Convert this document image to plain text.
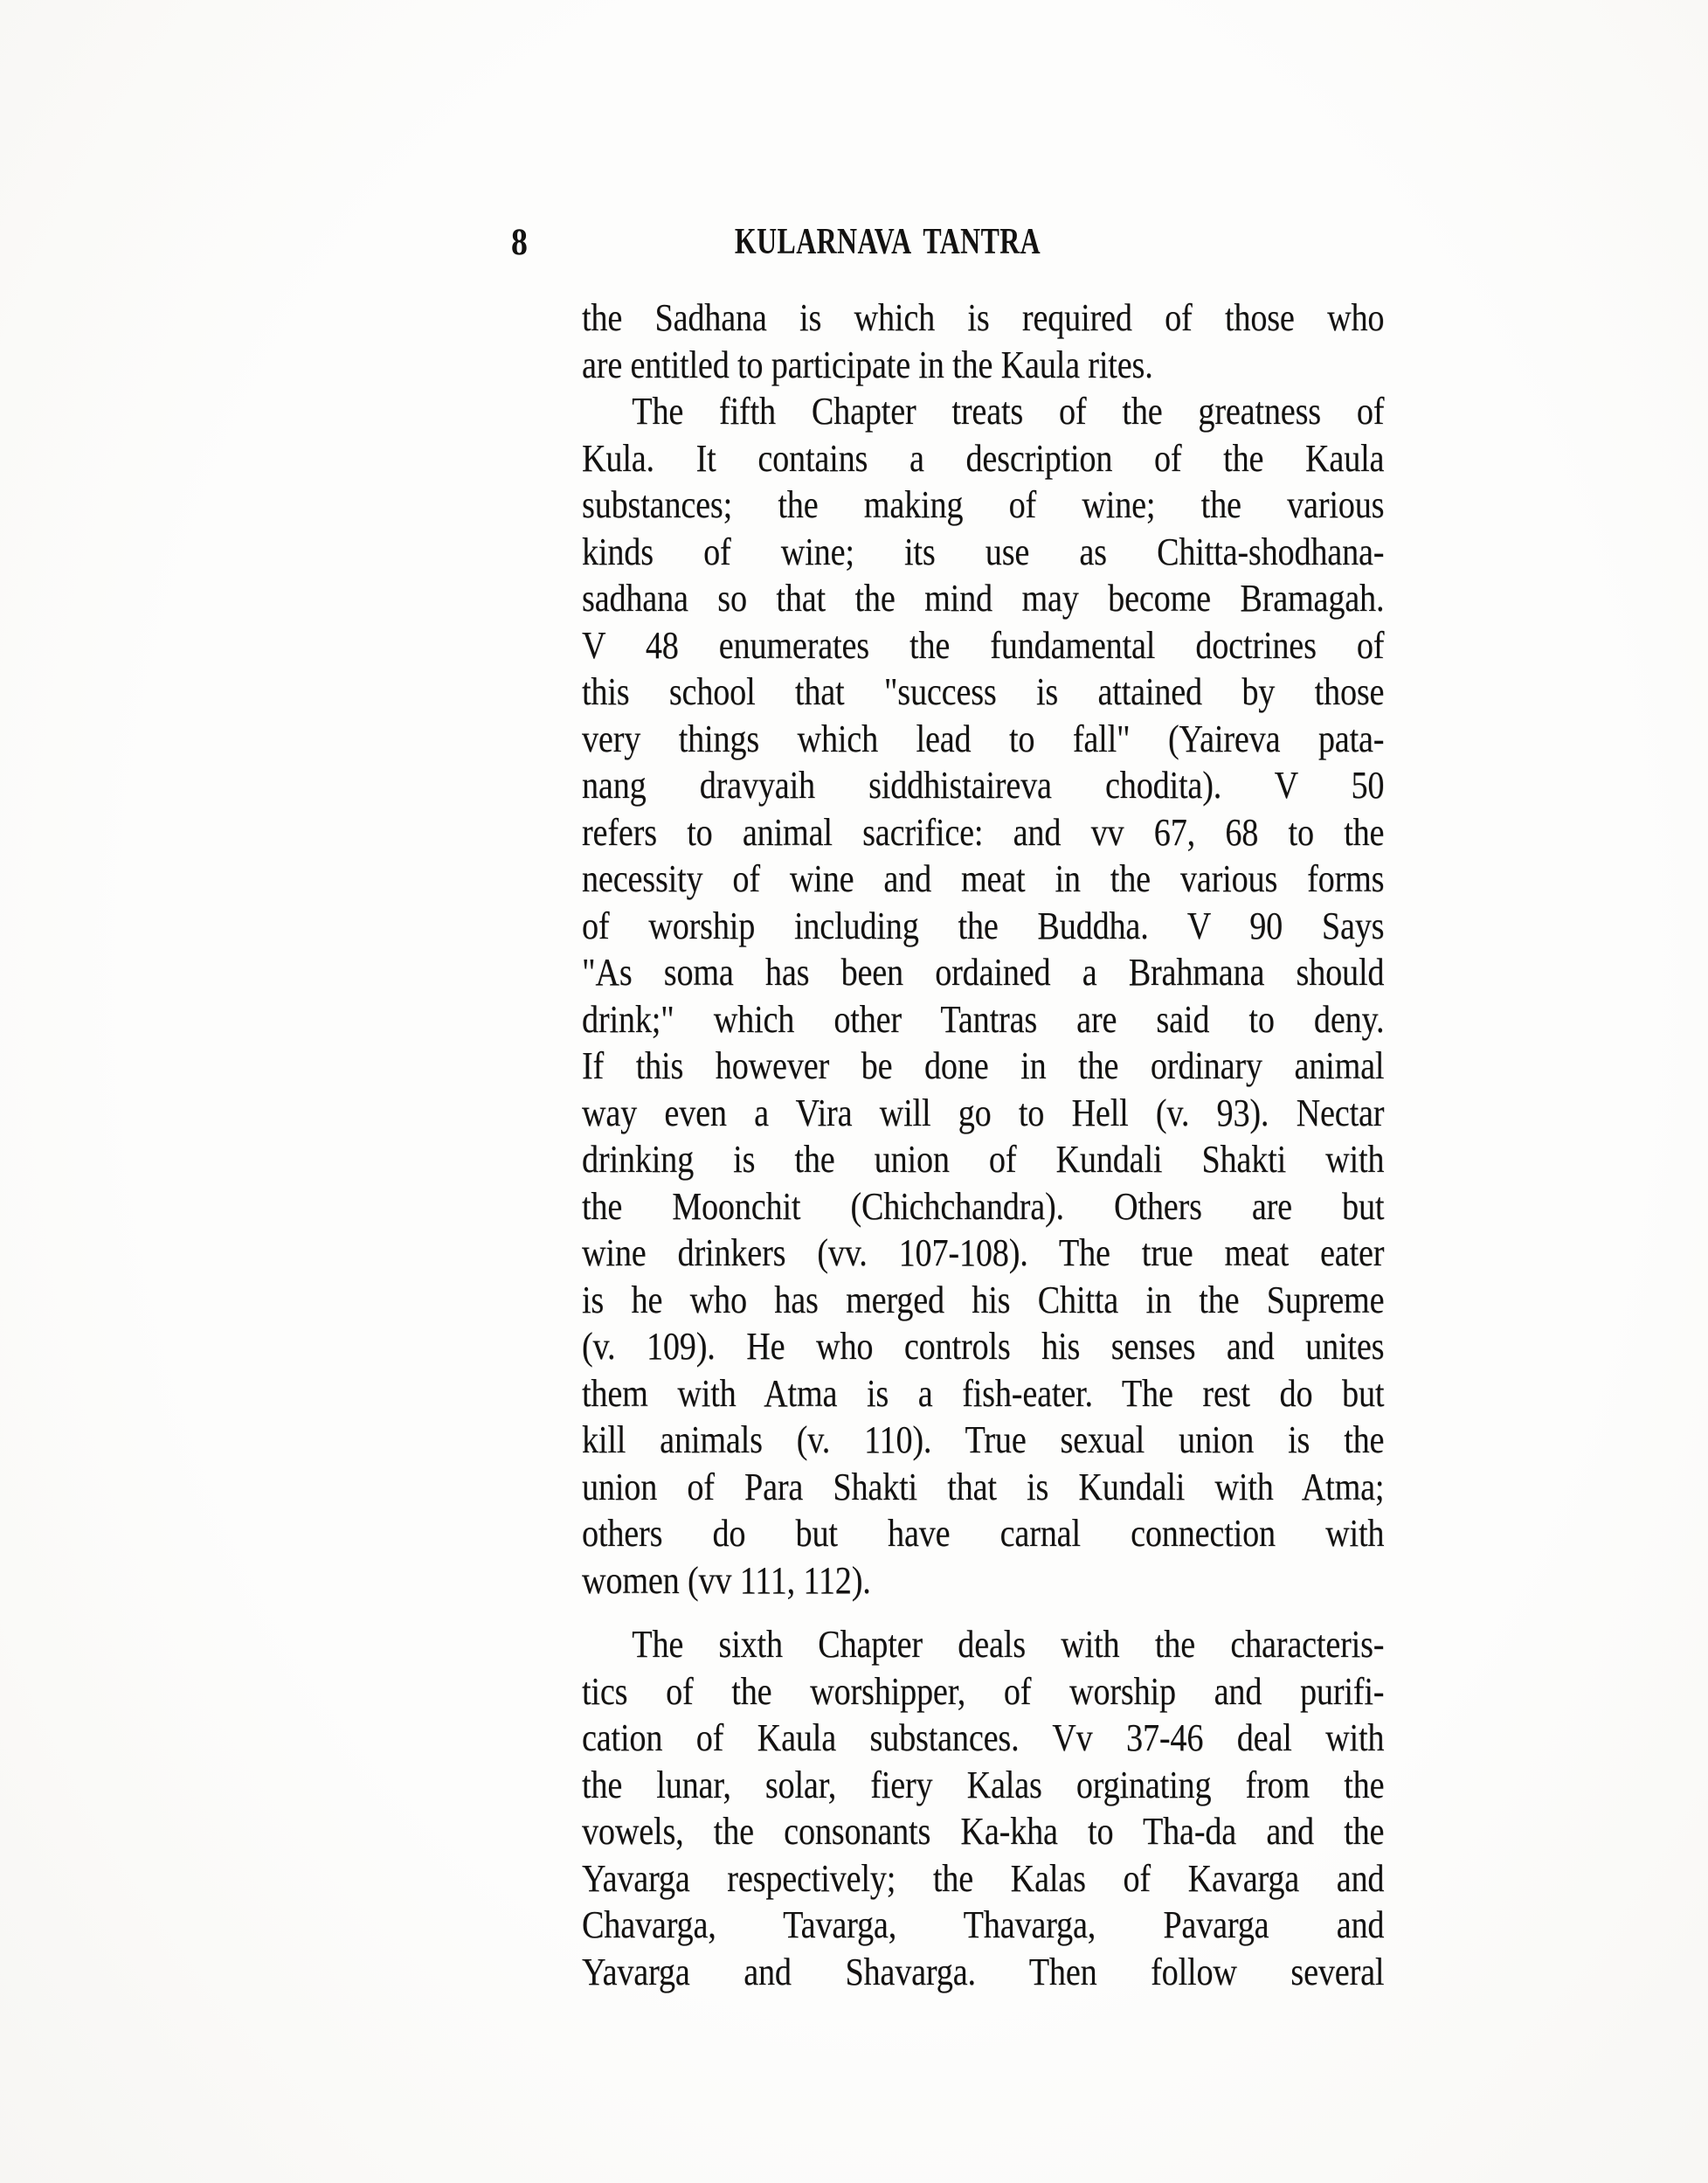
8	KULARNAVA TANTRA
the Sadhana is which is required of those who
are entitled to participate in the Kaula rites.
The fifth Chapter treats of the greatness of
Kula. It contains a description of the Kaula
substances; the making of wine; the various
kinds of wine; its use as Chitta-shodhana-
sadhana so that the mind may become Bramagah.
V 48 enumerates the fundamental doctrines of
this school that "success is attained by those
very things which lead to fall" (Yaireva pata-
nang dravyaih siddhistaireva chodita). V 50
refers to animal sacrifice: and vv 67, 68 to the
necessity of wine and meat in the various forms
of worship including the Buddha. V 90 Says
"As soma has been ordained a Brahmana should
drink;" which other Tantras are said to deny.
If this however be done in the ordinary animal
way even a Vira will go to Hell (v. 93). Nectar
drinking is the union of Kundali Shakti with
the Moonchit (Chichchandra). Others are but
wine drinkers (vv. 107-108). The true meat eater
is he who has merged his Chitta in the Supreme
(v. 109). He who controls his senses and unites
them with Atma is a fish-eater. The rest do but
kill animals (v. 110). True sexual union is the
union of Para Shakti that is Kundali with Atma;
others do but have carnal connection with
women (vv 111, 112).
The sixth Chapter deals with the characteris-
tics of the worshipper, of worship and purifi-
cation of Kaula substances. Vv 37-46 deal with
the lunar, solar, fiery Kalas orginating from the
vowels, the consonants Ka-kha to Tha-da and the
Yavarga respectively; the Kalas of Kavarga and
Chavarga, Tavarga, Thavarga, Pavarga and
Yavarga and Shavarga. Then follow several
